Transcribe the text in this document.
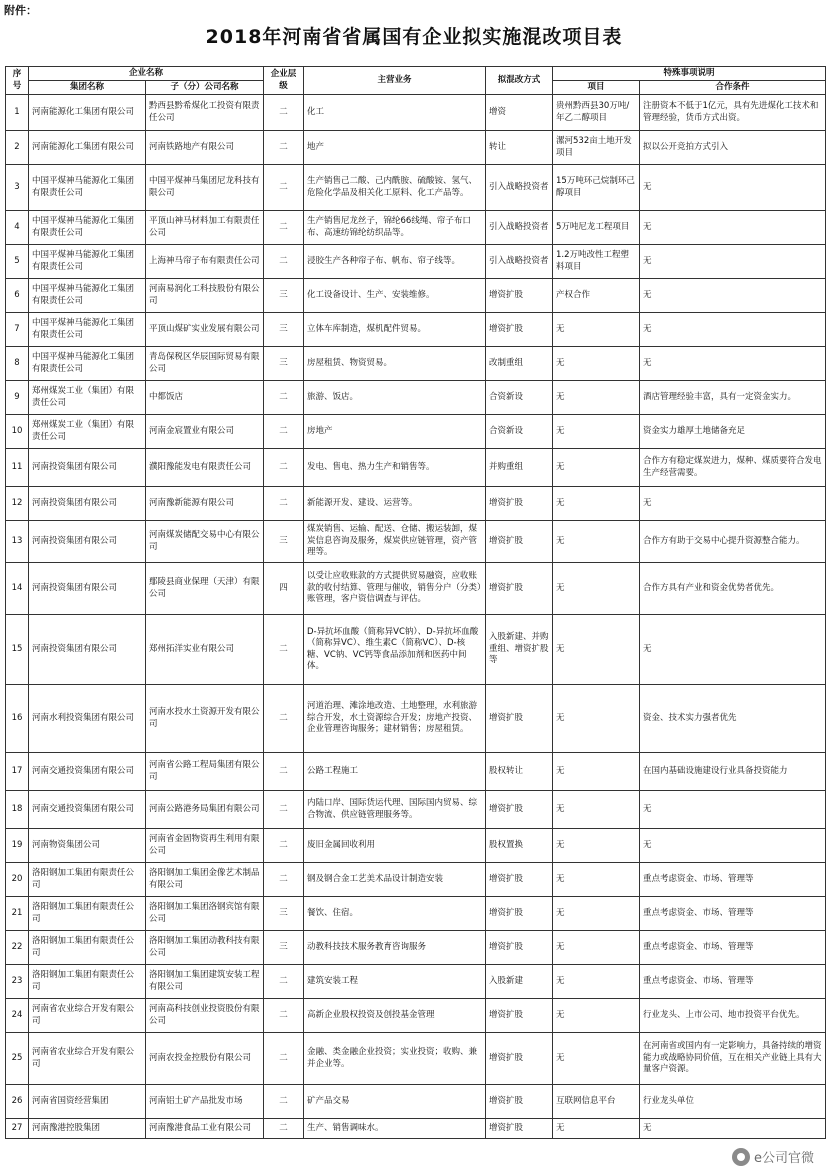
附件：
2018年河南省省属国有企业拟实施混改项目表
序号	企业名称		企业层级	主营业务	拟混改方式	特殊事项说明	
	集团名称	子（分）公司名称				项目	合作条件
1	河南能源化工集团有限公司	黔西县黔希煤化工投资有限责任公司	二	化工	增资	贵州黔西县30万吨/年乙二醇项目	注册资本不低于1亿元，具有先进煤化工技术和管理经验，货币方式出资。
2	河南能源化工集团有限公司	河南铁路地产有限公司	二	地产	转让	漯河532亩土地开发项目	拟以公开竞拍方式引入
3	中国平煤神马能源化工集团有限责任公司	中国平煤神马集团尼龙科技有限公司	二	生产销售己二酸、己内酰胺、硫酸铵、氢气、危险化学品及相关化工原料、化工产品等。	引入战略投资者	15万吨环己烷制环己醇项目	无
4	中国平煤神马能源化工集团有限责任公司	平顶山神马材料加工有限责任公司	二	生产销售尼龙丝子，锦纶66线绳、帘子布口布、高速纺锦纶纺织品等。	引入战略投资者	5万吨尼龙工程项目	无
5	中国平煤神马能源化工集团有限责任公司	上海神马帘子布有限责任公司	二	浸胶生产各种帘子布、帆布、帘子线等。	引入战略投资者	1.2万吨改性工程塑料项目	无
6	中国平煤神马能源化工集团有限责任公司	河南易润化工科技股份有限公司	三	化工设备设计、生产、安装维修。	增资扩股	产权合作	无
7	中国平煤神马能源化工集团有限责任公司	平顶山煤矿实业发展有限公司	三	立体车库制造，煤机配件贸易。	增资扩股	无	无
8	中国平煤神马能源化工集团有限责任公司	青岛保税区华辰国际贸易有限公司	三	房屋租赁、物资贸易。	改制重组	无	无
9	郑州煤炭工业（集团）有限责任公司	中都饭店	二	旅游、饭店。	合资新设	无	酒店管理经验丰富，具有一定资金实力。
10	郑州煤炭工业（集团）有限责任公司	河南金宸置业有限公司	二	房地产	合资新设	无	资金实力雄厚土地储备充足
11	河南投资集团有限公司	濮阳豫能发电有限责任公司	二	发电、售电、热力生产和销售等。	并购重组	无	合作方有稳定煤炭进力，煤种、煤质要符合发电生产经营需要。
12	河南投资集团有限公司	河南豫新能源有限公司	二	新能源开发、建设、运营等。	增资扩股	无	无
13	河南投资集团有限公司	河南煤炭储配交易中心有限公司	三	煤炭销售、运输、配送、仓储、搬运装卸，煤炭信息咨询及服务，煤炭供应链管理，资产管理等。	增资扩股	无	合作方有助于交易中心提升资源整合能力。
14	河南投资集团有限公司	鄢陵县商业保理（天津）有限公司	四	以受让应收账款的方式提供贸易融资，应收账款的收付结算、管理与催收，销售分户（分类）账管理，客户资信调查与评估。	增资扩股	无	合作方具有产业和资金优势者优先。
15	河南投资集团有限公司	郑州拓洋实业有限公司	二	D-异抗坏血酸（简称异VC钠）、D-异抗坏血酸（简称异VC）、维生素C（简称VC）、D-核糖、VC钠、VC钙等食品添加剂和医药中间体。	入股新建、并购重组、增资扩股等	无	无
16	河南水利投资集团有限公司	河南水投水土资源开发有限公司	二	河道治理、滩涂地改造、土地整理，水利旅游综合开发，水土资源综合开发；房地产投资、企业管理咨询服务；建材销售；房屋租赁。	增资扩股	无	资金、技术实力强者优先
17	河南交通投资集团有限公司	河南省公路工程局集团有限公司	二	公路工程施工	股权转让	无	在国内基础设施建设行业具备投资能力
18	河南交通投资集团有限公司	河南公路港务局集团有限公司	二	内陆口岸、国际货运代理、国际国内贸易、综合物流、供应链管理服务等。	增资扩股	无	无
19	河南物资集团公司	河南省金固物资再生利用有限公司	二	废旧金属回收利用	股权置换	无	无
20	洛阳钢加工集团有限责任公司	洛阳钢加工集团金像艺术制品有限公司	二	钢及钢合金工艺美术品设计制造安装	增资扩股	无	重点考虑资金、市场、管理等
21	洛阳钢加工集团有限责任公司	洛阳钢加工集团洛钢宾馆有限公司	三	餐饮、住宿。	增资扩股	无	重点考虑资金、市场、管理等
22	洛阳钢加工集团有限责任公司	洛阳钢加工集团动教科技有限公司	三	动教科技技术服务教育咨询服务	增资扩股	无	重点考虑资金、市场、管理等
23	洛阳钢加工集团有限责任公司	洛阳钢加工集团建筑安装工程有限公司	二	建筑安装工程	入股新建	无	重点考虑资金、市场、管理等
24	河南省农业综合开发有限公司	河南高科技创业投资股份有限公司	二	高新企业股权投资及创投基金管理	增资扩股	无	行业龙头、上市公司、地市投资平台优先。
25	河南省农业综合开发有限公司	河南农投金控股份有限公司	二	金融、类金融企业投资；实业投资；收购、兼并企业等。	增资扩股	无	在河南省或国内有一定影响力，具备持续的增资能力或战略协同价值，互在相关产业链上具有大量客户资源。
26	河南省国资经营集团	河南铝土矿产品批发市场	二	矿产品交易	增资扩股	互联网信息平台	行业龙头单位
27	河南豫港控股集团	河南豫港食品工业有限公司	二	生产、销售调味水。	增资扩股	无	无
e公司官微
